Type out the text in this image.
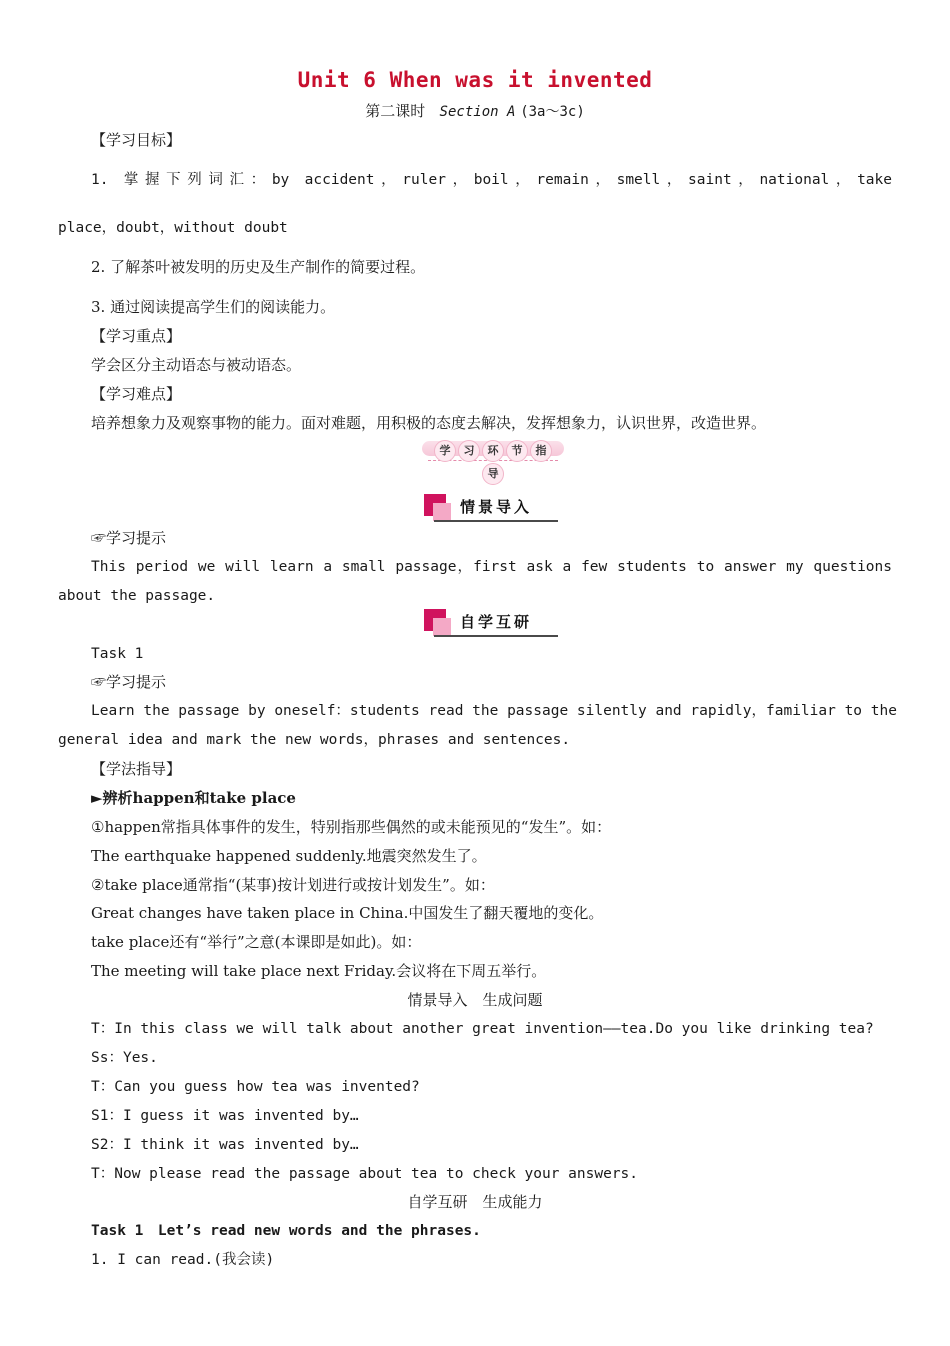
Unit 6 When was it invented
第二课时 Section A (3a～3c)
【学习目标】
1. 掌握下列词汇：by accident，ruler，boil，remain，smell，saint，national，take
place，doubt，without doubt
2. 了解茶叶被发明的历史及生产制作的简要过程。
3. 通过阅读提高学生们的阅读能力。
【学习重点】
学会区分主动语态与被动语态。
【学习难点】
培养想象力及观察事物的能力。面对难题，用积极的态度去解决，发挥想象力，认识世界，改造世界。
学 习 环 节 指导
情景导入
☞学习提示
This period we will learn a small passage，first ask a few students to answer my questions
about the passage.
自学互研
Task 1
☞学习提示
Learn the passage by oneself：students read the passage silently and rapidly，familiar to the
general idea and mark the new words，phrases and sentences.
【学法指导】
►辨析happen和take place
①happen常指具体事件的发生，特别指那些偶然的或未能预见的“发生”。如：
The earthquake happened suddenly.地震突然发生了。
②take place通常指“(某事)按计划进行或按计划发生”。如：
Great changes have taken place in China.中国发生了翻天覆地的变化。
take place还有“举行”之意(本课即是如此)。如：
The meeting will take place next Friday.会议将在下周五举行。
情景导入　生成问题
T：In this class we will talk about another great invention——tea.Do you like drinking tea?
Ss：Yes.
T：Can you guess how tea was invented?
S1：I guess it was invented by…
S2：I think it was invented by…
T：Now please read the passage about tea to check your answers.
自学互研　生成能力
Task 1　Let’s read new words and the phrases.
1. I can read.(我会读)
